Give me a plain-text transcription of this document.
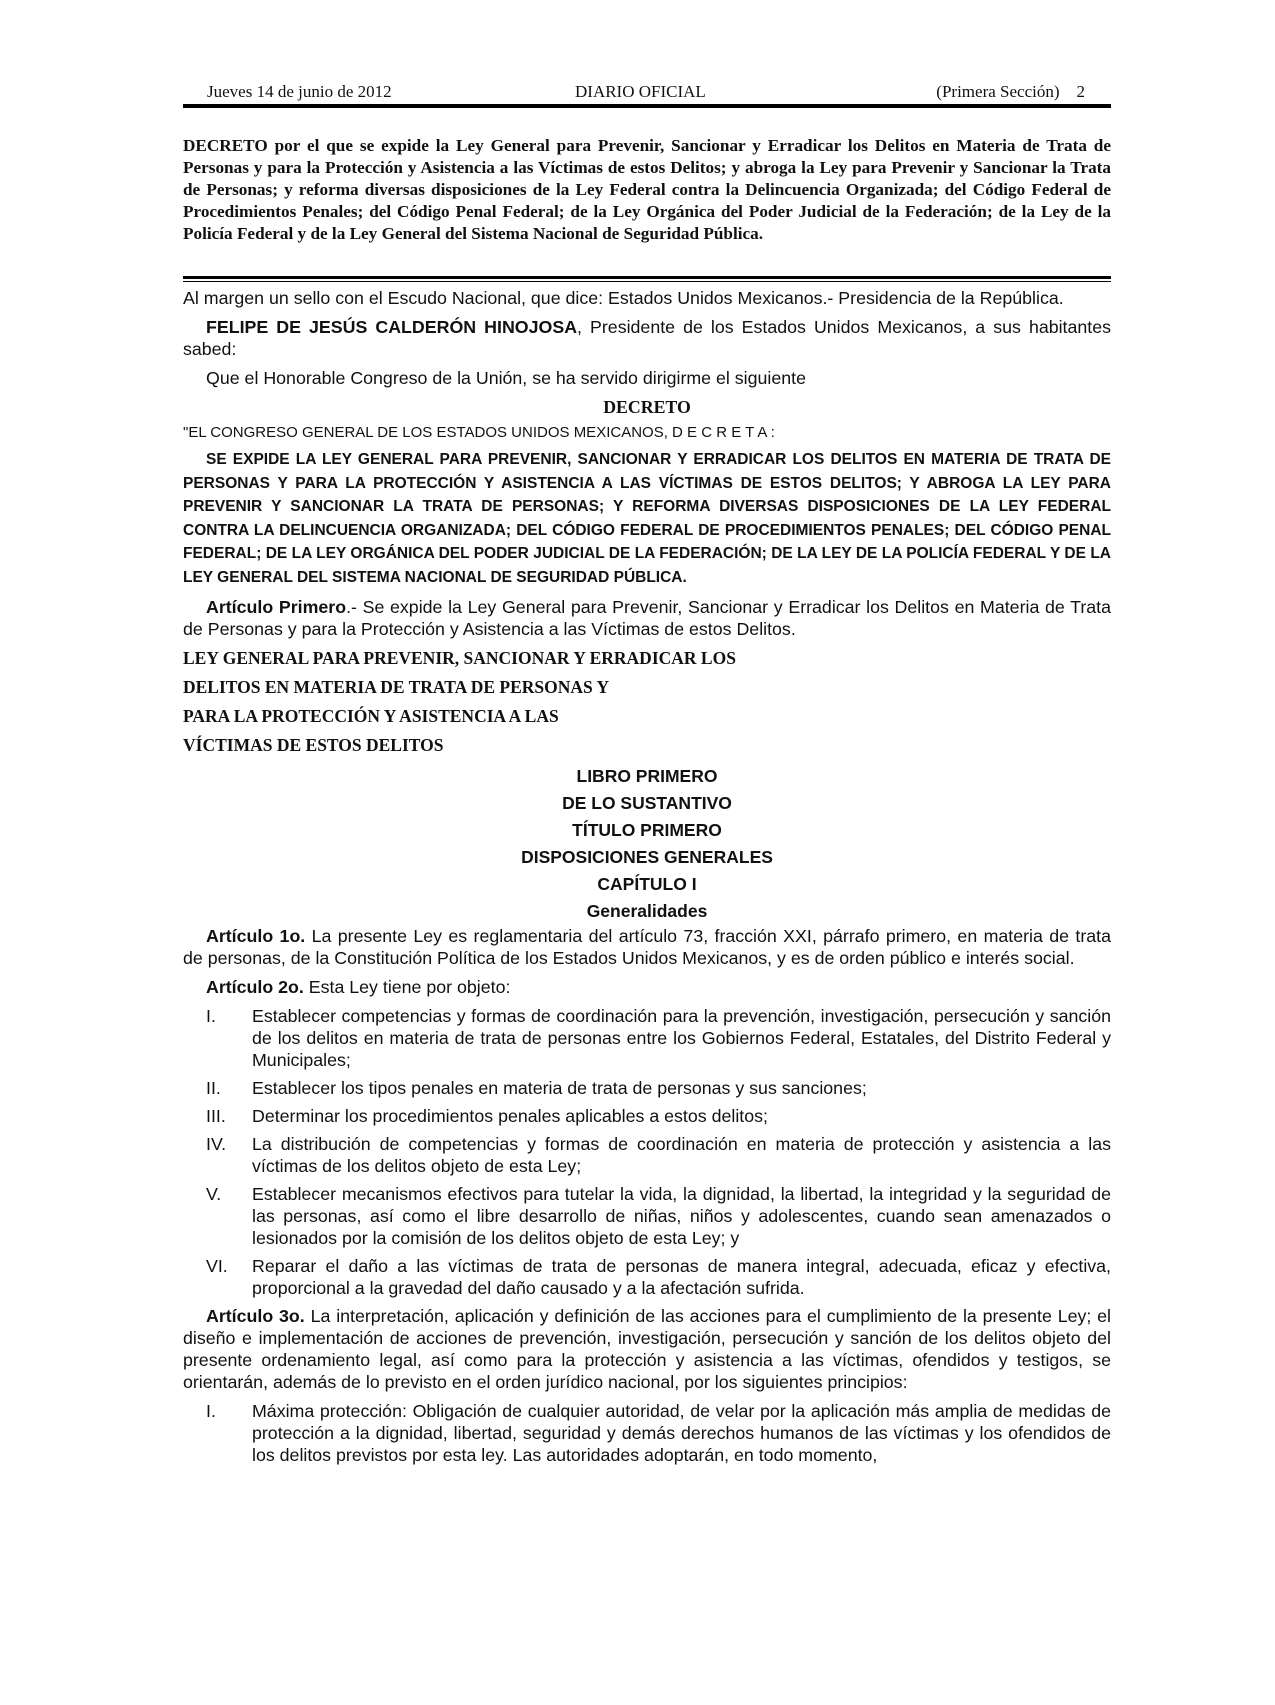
Jueves 14 de junio de 2012	DIARIO OFICIAL	(Primera Sección) 2
DECRETO por el que se expide la Ley General para Prevenir, Sancionar y Erradicar los Delitos en Materia de Trata de Personas y para la Protección y Asistencia a las Víctimas de estos Delitos; y abroga la Ley para Prevenir y Sancionar la Trata de Personas; y reforma diversas disposiciones de la Ley Federal contra la Delincuencia Organizada; del Código Federal de Procedimientos Penales; del Código Penal Federal; de la Ley Orgánica del Poder Judicial de la Federación; de la Ley de la Policía Federal y de la Ley General del Sistema Nacional de Seguridad Pública.

Al margen un sello con el Escudo Nacional, que dice: Estados Unidos Mexicanos.- Presidencia de la República.

FELIPE DE JESÚS CALDERÓN HINOJOSA, Presidente de los Estados Unidos Mexicanos, a sus habitantes sabed:

Que el Honorable Congreso de la Unión, se ha servido dirigirme el siguiente

DECRETO

"EL CONGRESO GENERAL DE LOS ESTADOS UNIDOS MEXICANOS, D E C R E T A :

SE EXPIDE LA LEY GENERAL PARA PREVENIR, SANCIONAR Y ERRADICAR LOS DELITOS EN MATERIA DE TRATA DE PERSONAS Y PARA LA PROTECCIÓN Y ASISTENCIA A LAS VÍCTIMAS DE ESTOS DELITOS; Y ABROGA LA LEY PARA PREVENIR Y SANCIONAR LA TRATA DE PERSONAS; Y REFORMA DIVERSAS DISPOSICIONES DE LA LEY FEDERAL CONTRA LA DELINCUENCIA ORGANIZADA; DEL CÓDIGO FEDERAL DE PROCEDIMIENTOS PENALES; DEL CÓDIGO PENAL FEDERAL; DE LA LEY ORGÁNICA DEL PODER JUDICIAL DE LA FEDERACIÓN; DE LA LEY DE LA POLICÍA FEDERAL Y DE LA LEY GENERAL DEL SISTEMA NACIONAL DE SEGURIDAD PÚBLICA.

Artículo Primero.- Se expide la Ley General para Prevenir, Sancionar y Erradicar los Delitos en Materia de Trata de Personas y para la Protección y Asistencia a las Víctimas de estos Delitos.

LEY GENERAL PARA PREVENIR, SANCIONAR Y ERRADICAR LOS

DELITOS EN MATERIA DE TRATA DE PERSONAS Y

PARA LA PROTECCIÓN Y ASISTENCIA A LAS

VÍCTIMAS DE ESTOS DELITOS

LIBRO PRIMERO

DE LO SUSTANTIVO

TÍTULO PRIMERO

DISPOSICIONES GENERALES

CAPÍTULO I

Generalidades

Artículo 1o. La presente Ley es reglamentaria del artículo 73, fracción XXI, párrafo primero, en materia de trata de personas, de la Constitución Política de los Estados Unidos Mexicanos, y es de orden público e interés social.

Artículo 2o. Esta Ley tiene por objeto:

I.	Establecer competencias y formas de coordinación para la prevención, investigación, persecución y sanción de los delitos en materia de trata de personas entre los Gobiernos Federal, Estatales, del Distrito Federal y Municipales;
II.	Establecer los tipos penales en materia de trata de personas y sus sanciones;
III.	Determinar los procedimientos penales aplicables a estos delitos;
IV.	La distribución de competencias y formas de coordinación en materia de protección y asistencia a las víctimas de los delitos objeto de esta Ley;
V.	Establecer mecanismos efectivos para tutelar la vida, la dignidad, la libertad, la integridad y la seguridad de las personas, así como el libre desarrollo de niñas, niños y adolescentes, cuando sean amenazados o lesionados por la comisión de los delitos objeto de esta Ley; y
VI.	Reparar el daño a las víctimas de trata de personas de manera integral, adecuada, eficaz y efectiva, proporcional a la gravedad del daño causado y a la afectación sufrida.

Artículo 3o. La interpretación, aplicación y definición de las acciones para el cumplimiento de la presente Ley; el diseño e implementación de acciones de prevención, investigación, persecución y sanción de los delitos objeto del presente ordenamiento legal, así como para la protección y asistencia a las víctimas, ofendidos y testigos, se orientarán, además de lo previsto en el orden jurídico nacional, por los siguientes principios:

I.	Máxima protección: Obligación de cualquier autoridad, de velar por la aplicación más amplia de medidas de protección a la dignidad, libertad, seguridad y demás derechos humanos de las víctimas y los ofendidos de los delitos previstos por esta ley. Las autoridades adoptarán, en todo momento,
